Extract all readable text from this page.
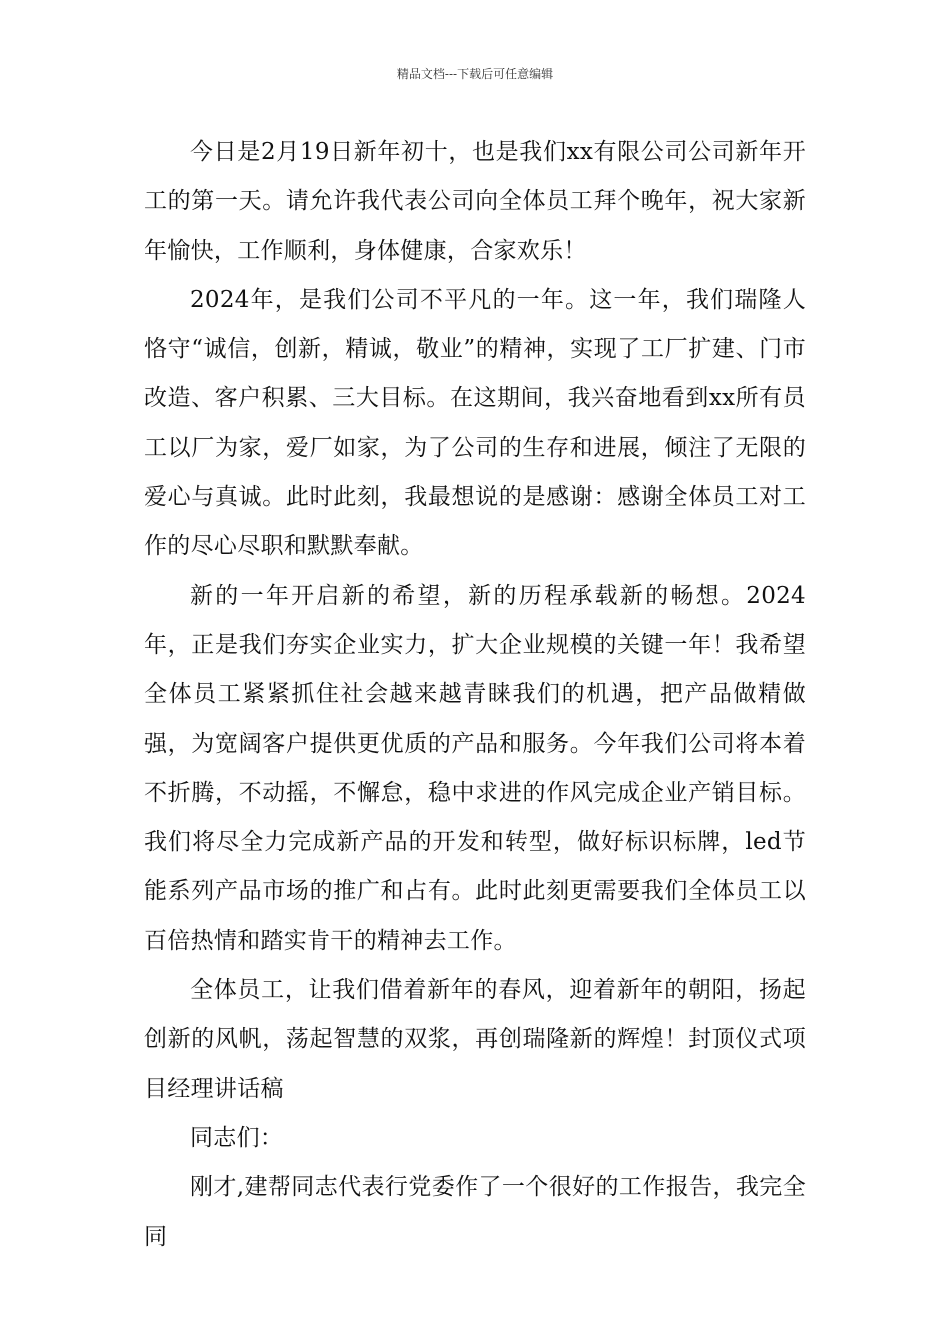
精品文档---下载后可任意编辑

今日是2月19日新年初十，也是我们xx有限公司公司新年开工的第一天。请允许我代表公司向全体员工拜个晚年，祝大家新年愉快，工作顺利，身体健康，合家欢乐！

2024年，是我们公司不平凡的一年。这一年，我们瑞隆人恪守“诚信，创新，精诚，敬业”的精神，实现了工厂扩建、门市改造、客户积累、三大目标。在这期间，我兴奋地看到xx所有员工以厂为家，爱厂如家，为了公司的生存和进展，倾注了无限的爱心与真诚。此时此刻，我最想说的是感谢：感谢全体员工对工作的尽心尽职和默默奉献。

新的一年开启新的希望，新的历程承载新的畅想。2024年，正是我们夯实企业实力，扩大企业规模的关键一年！我希望全体员工紧紧抓住社会越来越青睐我们的机遇，把产品做精做强，为宽阔客户提供更优质的产品和服务。今年我们公司将本着不折腾，不动摇，不懈怠，稳中求进的作风完成企业产销目标。我们将尽全力完成新产品的开发和转型，做好标识标牌，led节能系列产品市场的推广和占有。此时此刻更需要我们全体员工以百倍热情和踏实肯干的精神去工作。

全体员工，让我们借着新年的春风，迎着新年的朝阳，扬起创新的风帆，荡起智慧的双浆，再创瑞隆新的辉煌！封顶仪式项目经理讲话稿

同志们：

刚才,建帮同志代表行党委作了一个很好的工作报告，我完全同
